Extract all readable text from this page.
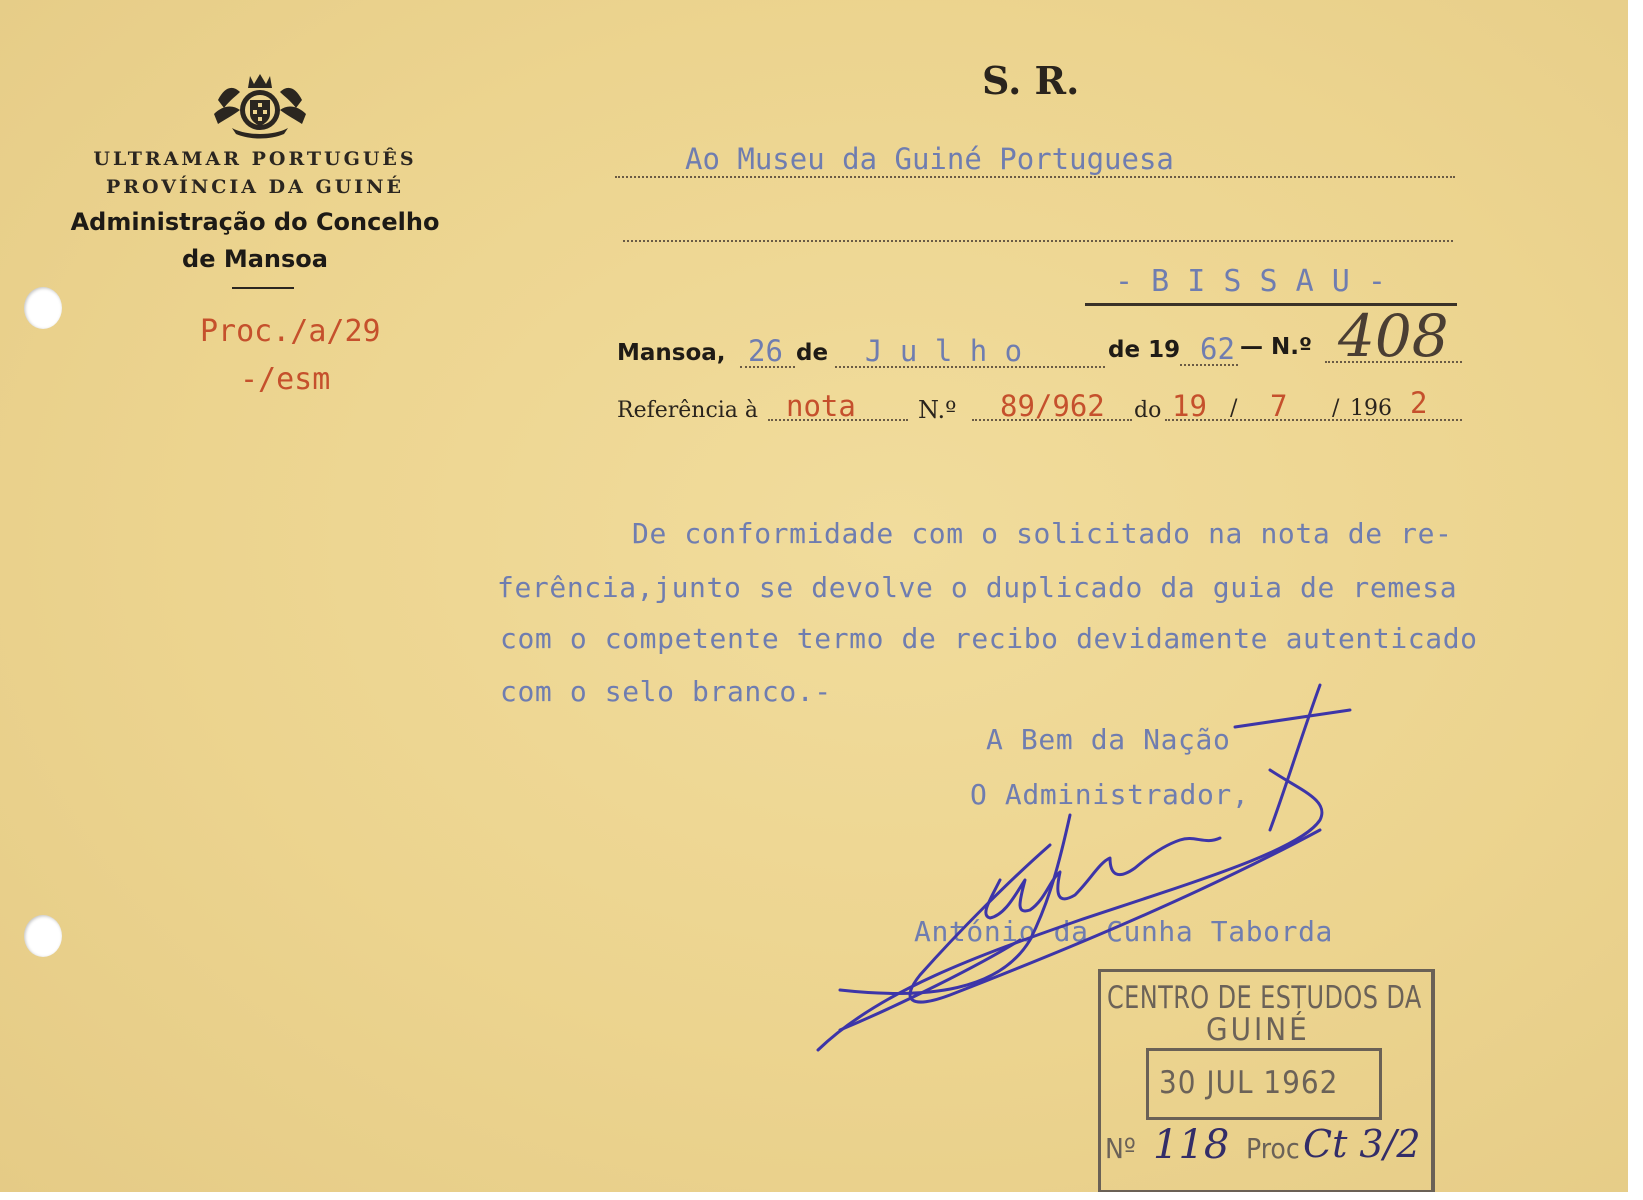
ULTRAMAR PORTUGUÊS
PROVÍNCIA DA GUINÉ
Administração do Concelho
de Mansoa
Proc./a/29
-/esm
S. R.
Ao Museu da Guiné Portuguesa
- B I S S A U -
Mansoa, 26 de J u l h o	de 19 62 — N.º 408
Referência à nota	N.º 89/962 do 19 / 7 / 196 2
De conformidade com o solicitado na nota de re-
ferência,junto se devolve o duplicado da guia de remesa
com o competente termo de recibo devidamente autenticado
com o selo branco.-
A Bem da Nação
O Administrador,
António da Cunha Taborda
CENTRO DE ESTUDOS DA
GUINÉ
30 JUL 1962
Nº 118 Proc Ct 3/2
